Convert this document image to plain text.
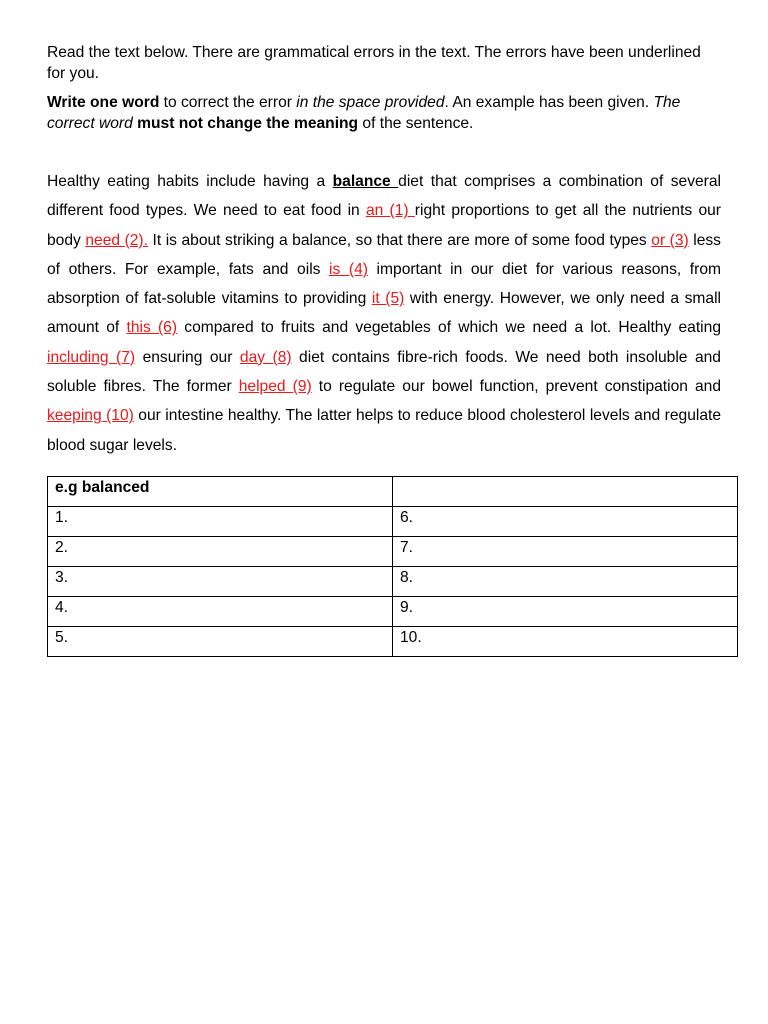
Read the text below. There are grammatical errors in the text. The errors have been underlined for you.

Write one word to correct the error in the space provided. An example has been given. The correct word must not change the meaning of the sentence.

Healthy eating habits include having a balance diet that comprises a combination of several different food types. We need to eat food in an (1) right proportions to get all the nutrients our body need (2). It is about striking a balance, so that there are more of some food types or (3) less of others. For example, fats and oils is (4) important in our diet for various reasons, from absorption of fat-soluble vitamins to providing it (5) with energy. However, we only need a small amount of this (6) compared to fruits and vegetables of which we need a lot. Healthy eating including (7) ensuring our day (8) diet contains fibre-rich foods. We need both insoluble and soluble fibres. The former helped (9) to regulate our bowel function, prevent constipation and keeping (10) our intestine healthy. The latter helps to reduce blood cholesterol levels and regulate blood sugar levels.
e.g balanced	
1.	6.
2.	7.
3.	8.
4.	9.
5.	10.
